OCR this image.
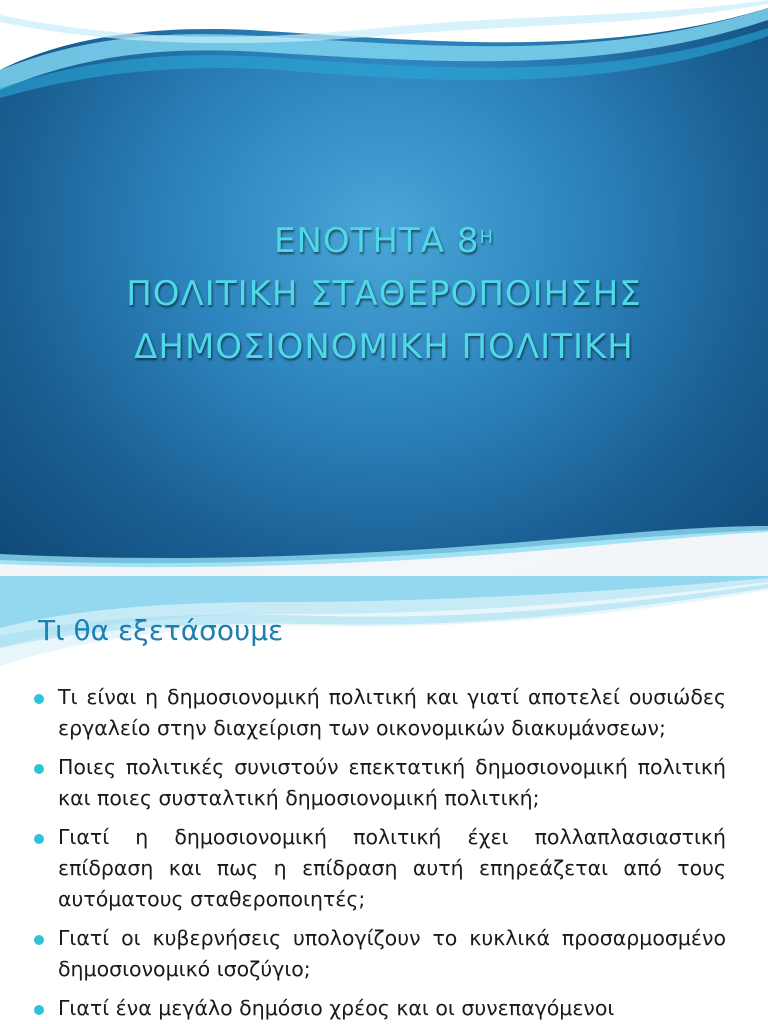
ΕΝΟΤΗΤΑ $8^H$
ΠΟΛΙΤΙΚΗ ΣΤΑΘΕΡΟΠΟΙΗΣΗΣ
ΔΗΜΟΣΙΟΝΟΜΙΚΗ ΠΟΛΙΤΙΚΗ
Τι θα εξετάσουμε
Τι είναι η δημοσιονομική πολιτική και γιατί αποτελεί ουσιώδες εργαλείο στην διαχείριση των οικονομικών διακυμάνσεων;
Ποιες πολιτικές συνιστούν επεκτατική δημοσιονομική πολιτική και ποιες συσταλτική δημοσιονομική πολιτική;
Γιατί η δημοσιονομική πολιτική έχει πολλαπλασιαστική επίδραση και πως η επίδραση αυτή επηρεάζεται από τους αυτόματους σταθεροποιητές;
Γιατί οι κυβερνήσεις υπολογίζουν το κυκλικά προσαρμοσμένο δημοσιονομικό ισοζύγιο;
Γιατί ένα μεγάλο δημόσιο χρέος και οι συνεπαγόμενοι
